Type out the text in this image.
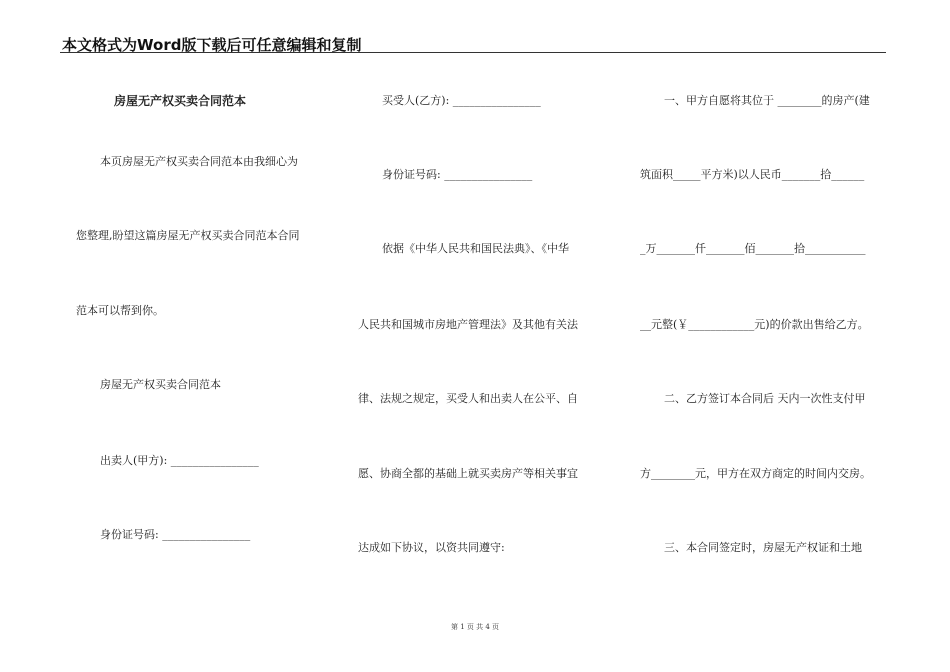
本文格式为Word版下载后可任意编辑和复制
房屋无产权买卖合同范本
本页房屋无产权买卖合同范本由我细心为
您整理,盼望这篇房屋无产权买卖合同范本合同
范本可以帮到你。
房屋无产权买卖合同范本
出卖人(甲方): ________________
身份证号码: ________________
买受人(乙方): ________________
身份证号码: ________________
依据《中华人民共和国民法典》、《中华
人民共和国城市房地产管理法》及其他有关法
律、法规之规定，买受人和出卖人在公平、自
愿、协商全都的基础上就买卖房产等相关事宜
达成如下协议，以资共同遵守:
一、甲方自愿将其位于 ________的房产(建
筑面积_____平方米)以人民币_______拾______
_万_______仟_______佰_______拾___________
__元整(￥____________元)的价款出售给乙方。
二、乙方签订本合同后 天内一次性支付甲
方________元，甲方在双方商定的时间内交房。
三、本合同签定时，房屋无产权证和土地
第 1 页 共 4 页
